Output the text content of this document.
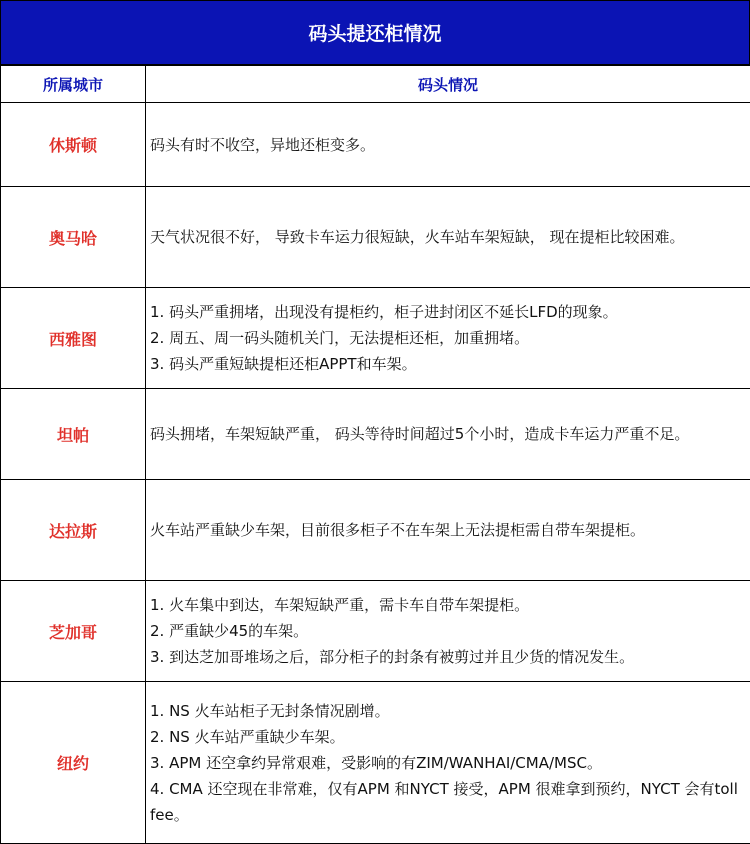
码头提还柜情况
所属城市	码头情况
休斯顿	码头有时不收空，异地还柜变多。

奥马哈	天气状况很不好， 导致卡车运力很短缺，火车站车架短缺， 现在提柜比较困难。

西雅图	1. 码头严重拥堵，出现没有提柜约，柜子进封闭区不延长LFD的现象。
2. 周五、周一码头随机关门，无法提柜还柜，加重拥堵。
3. 码头严重短缺提柜还柜APPT和车架。

坦帕	码头拥堵，车架短缺严重， 码头等待时间超过5个小时，造成卡车运力严重不足。

达拉斯	火车站严重缺少车架，目前很多柜子不在车架上无法提柜需自带车架提柜。

芝加哥	1. 火车集中到达，车架短缺严重，需卡车自带车架提柜。
2. 严重缺少45的车架。
3. 到达芝加哥堆场之后，部分柜子的封条有被剪过并且少货的情况发生。

纽约	1. NS 火车站柜子无封条情况剧增。
2. NS 火车站严重缺少车架。
3. APM 还空拿约异常艰难，受影响的有ZIM/WANHAI/CMA/MSC。
4. CMA 还空现在非常难，仅有APM 和NYCT 接受，APM 很难拿到预约，NYCT 会有toll fee。
